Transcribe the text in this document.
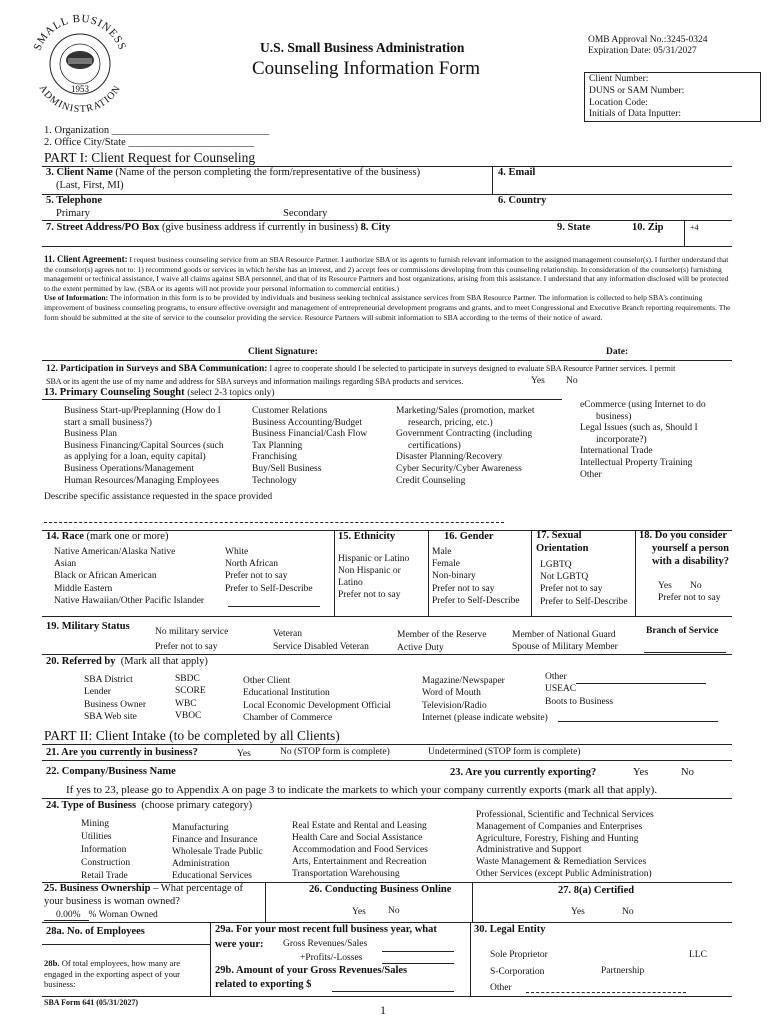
SMALL BUSINESS
ADMINISTRATION
1953
U.S. Small Business Administration
Counseling Information Form
OMB Approval No.:3245-0324
Expiration Date: 05/31/2027
Client Number:
DUNS or SAM Number:
Location Code:
Initials of Data Inputter:
1. Organization ______________________________
2. Office City/State ________________________
PART I: Client Request for Counseling
3. Client Name (Name of the person completing the form/representative of the business)
(Last, First, MI)
4. Email
5. Telephone
Primary	Secondary
6. Country
7. Street Address/PO Box (give business address if currently in business) 8. City	9. State	10. Zip	+4
11. Client Agreement: I request business counseling service from an SBA Resource Partner. I authorize SBA or its agents to furnish relevant information to the assigned management counselor(s). I further understand that the counselor(s) agrees not to: 1) recommend goods or services in which he/she has an interest, and 2) accept fees or commissions developing from this counseling relationship. In consideration of the counselor(s) furnishing management or technical assistance, I waive all claims against SBA personnel, and that of its Resource Partners and host organizations, arising from this assistance. I understand that any information disclosed will be protected to the extent permitted by law. (SBA or its agents will not provide your personal information to commercial entities.)
Use of Information: The information in this form is to be provided by individuals and business seeking technical assistance services from SBA Resource Partner. The information is collected to help SBA's continuing improvement of business counseling programs, to ensure effective oversight and management of entrepreneurial development programs and grants, and to meet Congressional and Executive Branch reporting requirements. The form should be submitted at the site of service to the counselor providing the service. Resource Partners will submit information to SBA according to the terms of their notice of award.
Client Signature:	Date:
12. Participation in Surveys and SBA Communication: I agree to cooperate should I be selected to participate in surveys designed to evaluate SBA Resource Partner services. I permit
SBA or its agent the use of my name and address for SBA surveys and information mailings regarding SBA products and services.	Yes No
13. Primary Counseling Sought (select 2-3 topics only)
Business Start-up/Preplanning (How do I
start a small business?)
Business Plan
Business Financing/Capital Sources (such
as applying for a loan, equity capital)
Business Operations/Management
Human Resources/Managing Employees
Customer Relations
Business Accounting/Budget
Business Financial/Cash Flow
Tax Planning
Franchising
Buy/Sell Business
Technology
Marketing/Sales (promotion, market
research, pricing, etc.)
Government Contracting (including
certifications)
Disaster Planning/Recovery
Cyber Security/Cyber Awareness
Credit Counseling
eCommerce (using Internet to do
business)
Legal Issues (such as, Should I
incorporate?)
International Trade
Intellectual Property Training
Other
Describe specific assistance requested in the space provided
14. Race (mark one or more)
Native American/Alaska Native
Asian
Black or African American
Middle Eastern
Native Hawaiian/Other Pacific Islander
White
North African
Prefer not to say
Prefer to Self-Describe
15. Ethnicity
Hispanic or Latino
Non Hispanic or
Latino
Prefer not to say
16. Gender
Male
Female
Non-binary
Prefer not to say
Prefer to Self-Describe
17. Sexual
Orientation
LGBTQ
Not LGBTQ
Prefer not to say
Prefer to Self-Describe
18. Do you consider
yourself a person
with a disability?
Yes No
Prefer not to say
19. Military Status	No military service
Prefer not to say
Veteran
Service Disabled Veteran
Member of the Reserve
Active Duty
Member of National Guard
Spouse of Military Member
Branch of Service
20. Referred by (Mark all that apply)
SBA District
Lender
Business Owner
SBA Web site
SBDC
SCORE
WBC
VBOC
Other Client
Educational Institution
Local Economic Development Official
Chamber of Commerce
Magazine/Newspaper
Word of Mouth
Television/Radio
Internet (please indicate website)
Other
USEAC
Boots to Business
PART II: Client Intake (to be completed by all Clients)
21. Are you currently in business?	Yes	No (STOP form is complete)	Undetermined (STOP form is complete)
22. Company/Business Name	23. Are you currently exporting?	Yes	No
If yes to 23, please go to Appendix A on page 3 to indicate the markets to which your company currently exports (mark all that apply).
24. Type of Business (choose primary category)
Mining
Utilities
Information
Construction
Retail Trade
Manufacturing
Finance and Insurance
Wholesale Trade Public
Administration
Educational Services
Real Estate and Rental and Leasing
Health Care and Social Assistance
Accommodation and Food Services
Arts, Entertainment and Recreation
Transportation Warehousing
Professional, Scientific and Technical Services
Management of Companies and Enterprises
Agriculture, Forestry, Fishing and Hunting
Administrative and Support
Waste Management & Remediation Services
Other Services (except Public Administration)
25. Business Ownership – What percentage of
your business is woman owned?
0.00% % Woman Owned
26. Conducting Business Online
Yes No
27. 8(a) Certified
Yes	No
28a. No. of Employees
28b. Of total employees, how many are engaged in the exporting aspect of your business:
29a. For your most recent full business year, what
were your: Gross Revenues/Sales
+Profits/-Losses
29b. Amount of your Gross Revenues/Sales
related to exporting $
30. Legal Entity
Sole Proprietor	LLC
S-Corporation	Partnership
Other
SBA Form 641 (05/31/2027)
1
